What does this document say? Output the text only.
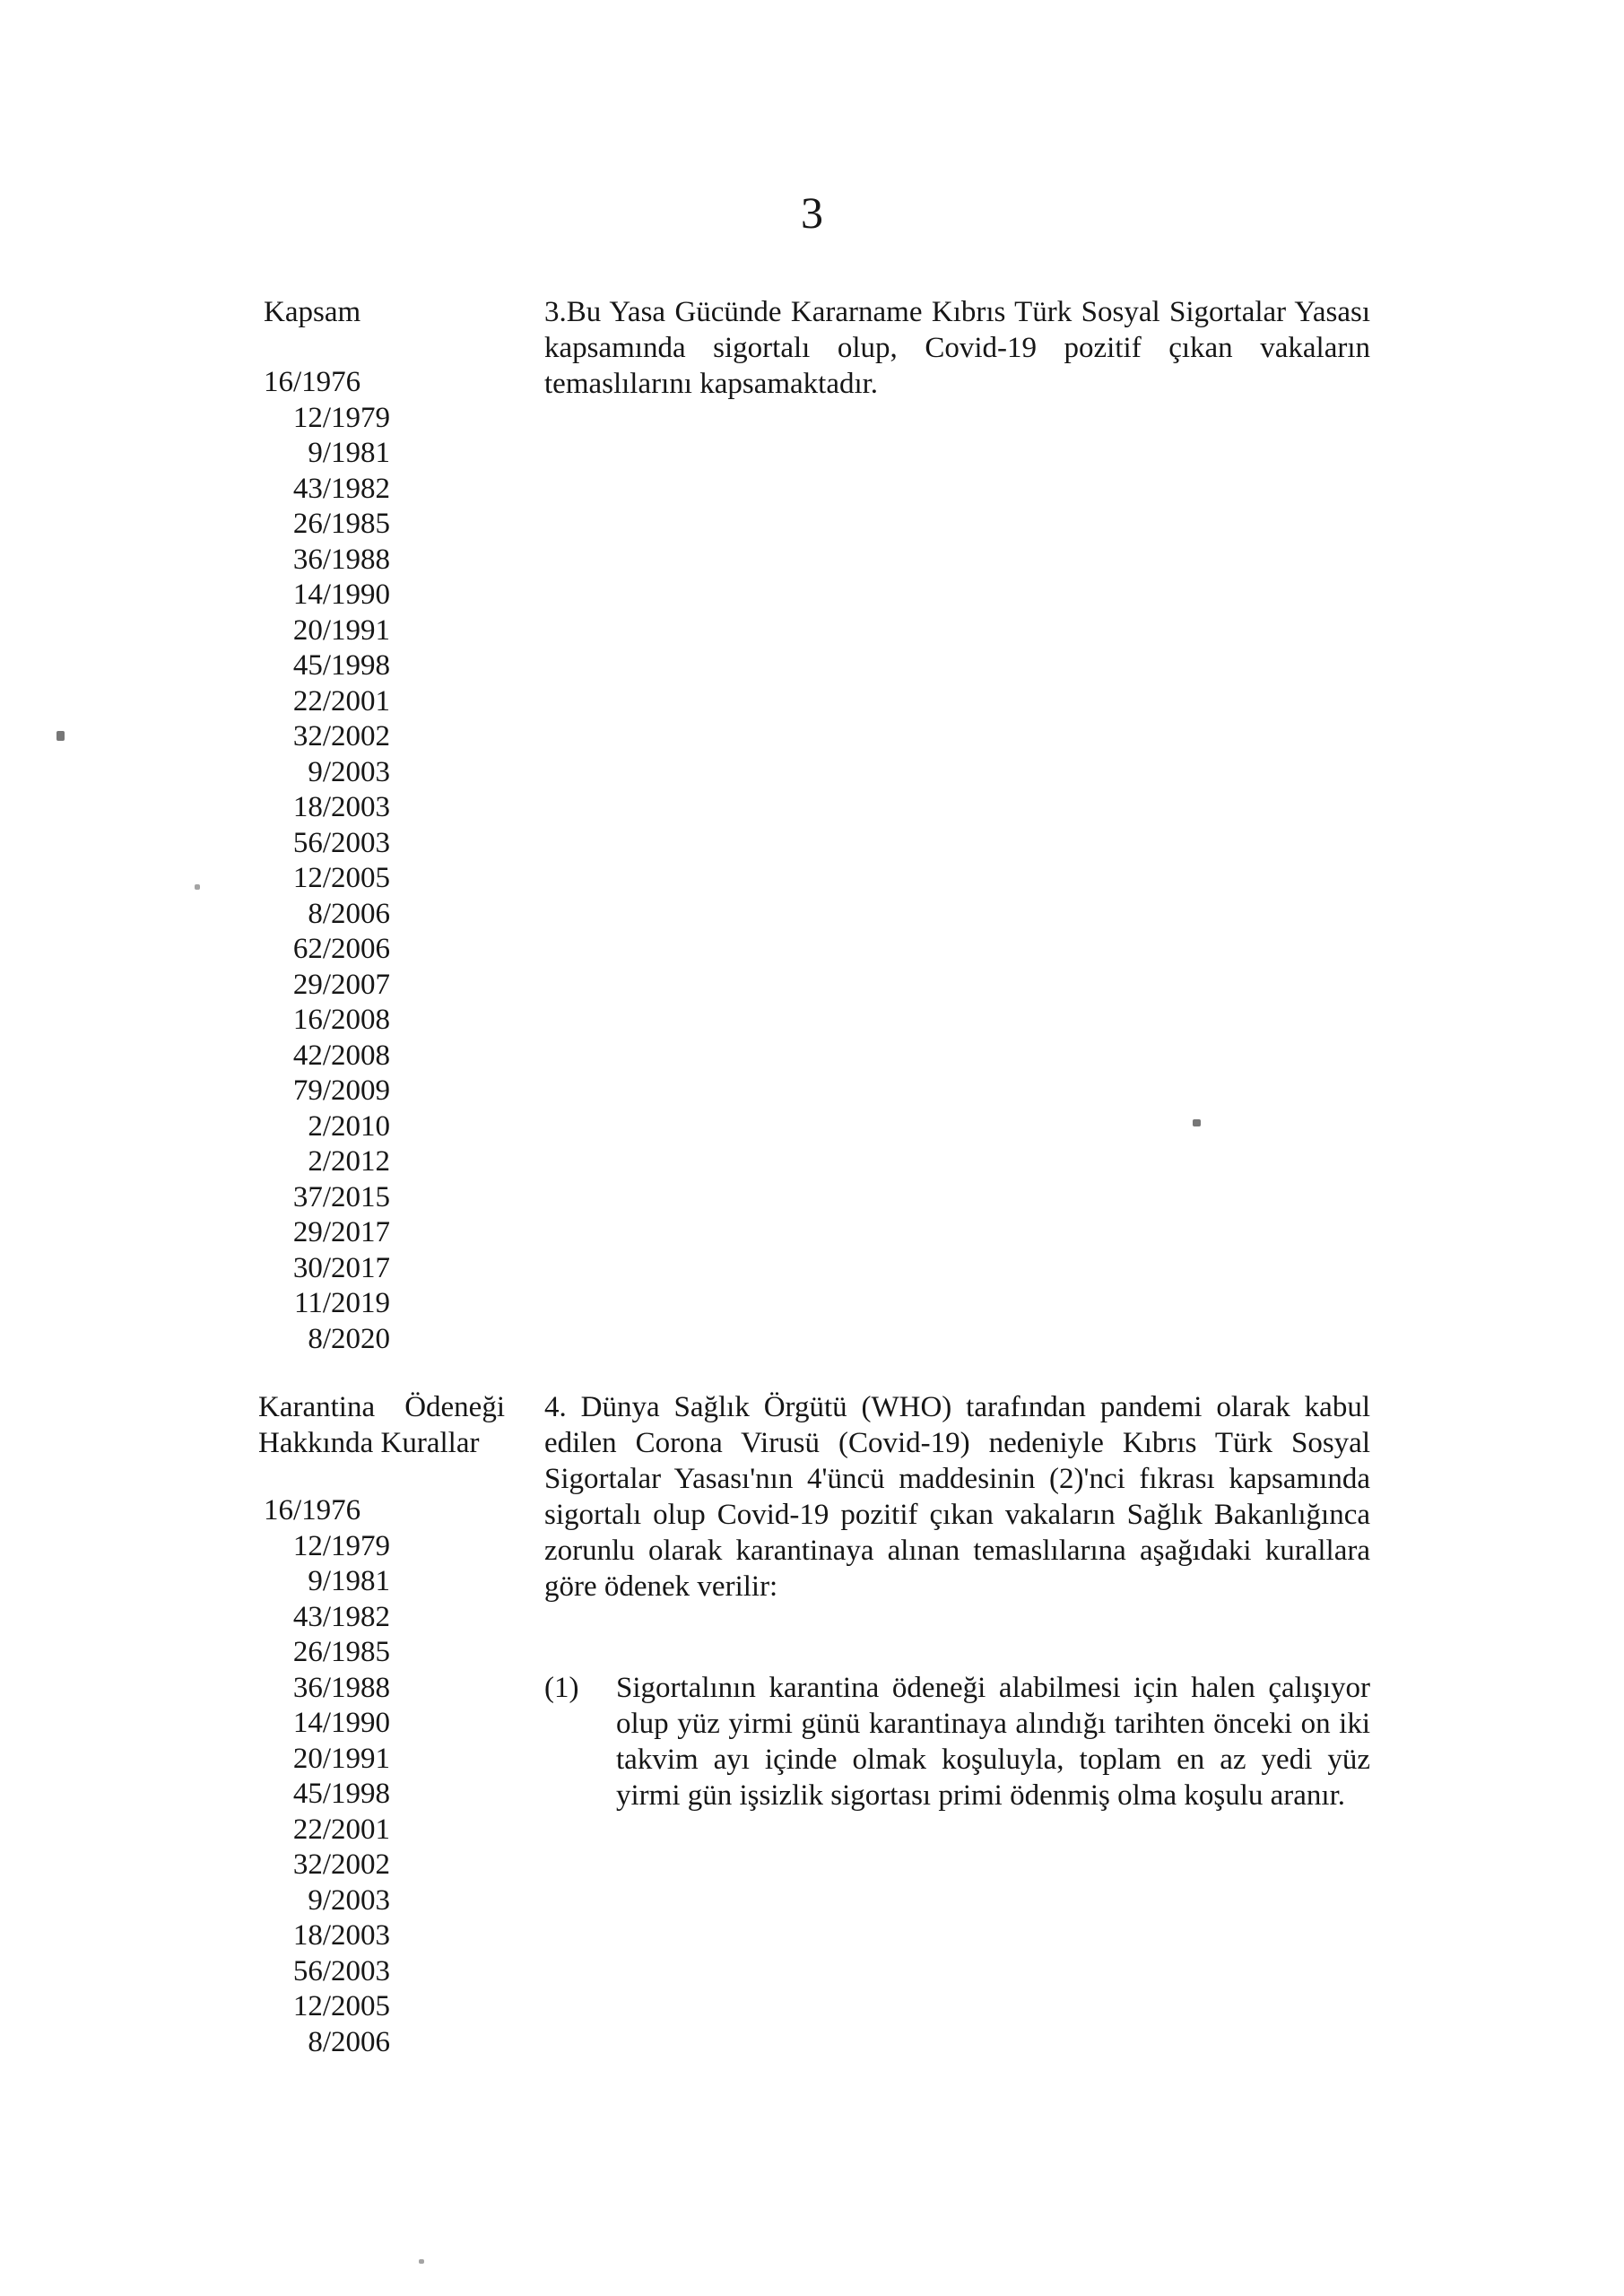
3
Kapsam
16/1976
12/1979
9/1981
43/1982
26/1985
36/1988
14/1990
20/1991
45/1998
22/2001
32/2002
9/2003
18/2003
56/2003
12/2005
8/2006
62/2006
29/2007
16/2008
42/2008
79/2009
2/2010
2/2012
37/2015
29/2017
30/2017
11/2019
8/2020
3.Bu Yasa Gücünde Kararname Kıbrıs Türk Sosyal Sigortalar Yasası kapsamında sigortalı olup, Covid-19 pozitif çıkan vakaların temaslılarını kapsamaktadır.
Karantina Ödeneği
Hakkında Kurallar
16/1976
12/1979
9/1981
43/1982
26/1985
36/1988
14/1990
20/1991
45/1998
22/2001
32/2002
9/2003
18/2003
56/2003
12/2005
8/2006
4. Dünya Sağlık Örgütü (WHO) tarafından pandemi olarak kabul edilen Corona Virusü (Covid-19) nedeniyle Kıbrıs Türk Sosyal Sigortalar Yasası'nın 4'üncü maddesinin (2)'nci fıkrası kapsamında sigortalı olup Covid-19 pozitif çıkan vakaların Sağlık Bakanlığınca zorunlu olarak karantinaya alınan temaslılarına aşağıdaki kurallara göre ödenek verilir:
(1) Sigortalının karantina ödeneği alabilmesi için halen çalışıyor olup yüz yirmi günü karantinaya alındığı tarihten önceki on iki takvim ayı içinde olmak koşuluyla, toplam en az yedi yüz yirmi gün işsizlik sigortası primi ödenmiş olma koşulu aranır.
